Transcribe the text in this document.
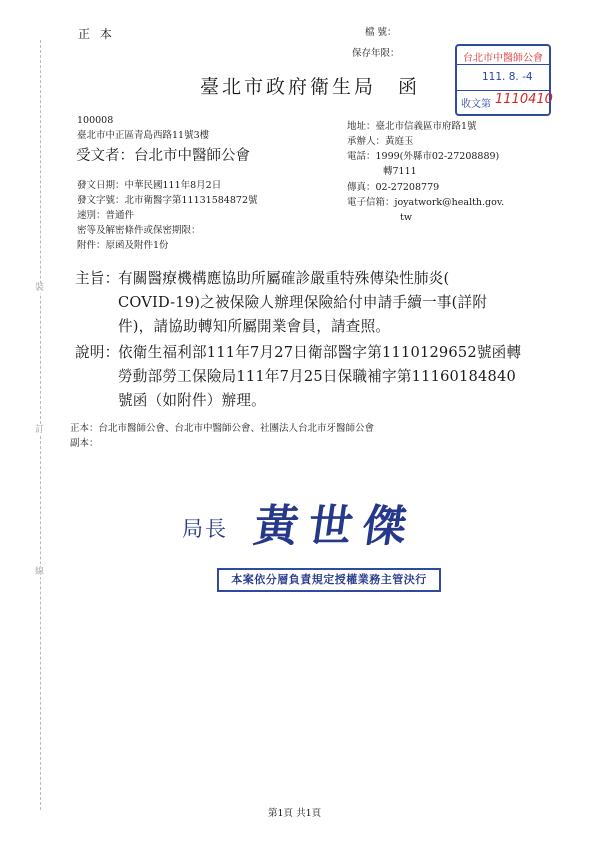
裝
訂
線
正 本	檔 號：
保存年限：	台北市中醫師公會
111. 8. -4
收文第 1110410
臺北市政府衛生局　函
100008
臺北市中正區青島西路11號3樓
受文者：台北市中醫師公會
地址：臺北市信義區市府路1號
承辦人：黃庭玉
電話：1999(外縣市02-27208889)
轉7111
傳真：02-27208779
電子信箱：joyatwork@health.gov.
tw
發文日期：中華民國111年8月2日
發文字號：北市衛醫字第11131584872號
速別：普通件
密等及解密條件或保密期限：
附件：原函及附件1份
主旨：
有關醫療機構應協助所屬確診嚴重特殊傳染性肺炎(
COVID-19)之被保險人辦理保險給付申請手續一事(詳附
件)，請協助轉知所屬開業會員，請查照。
說明：
依衛生福利部111年7月27日衛部醫字第1110129652號函轉
勞動部勞工保險局111年7月25日保職補字第11160184840
號函（如附件）辦理。
正本：台北市醫師公會、台北市中醫師公會、社團法人台北市牙醫師公會
副本：
局長 黃世傑
本案依分層負責規定授權業務主管決行
第1頁 共1頁
